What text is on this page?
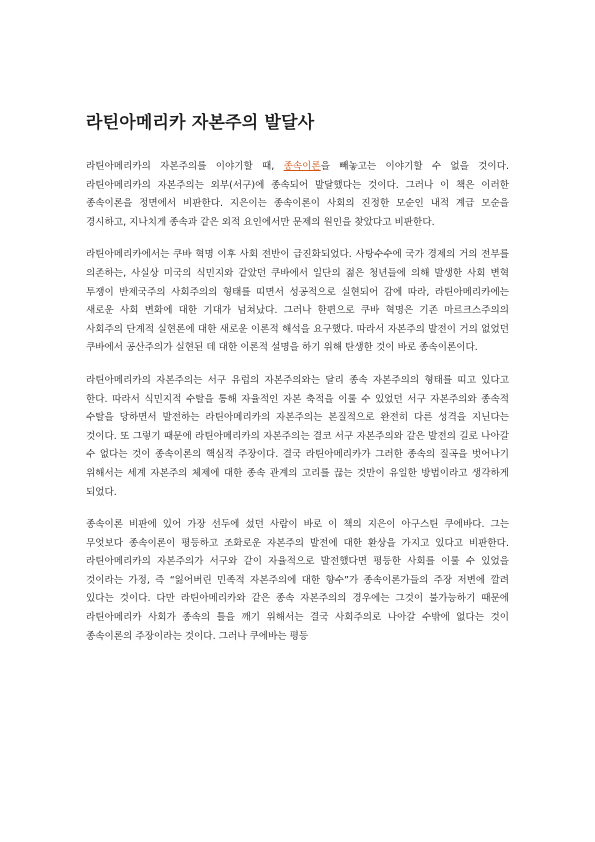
라틴아메리카 자본주의 발달사

라틴아메리카의 자본주의를 이야기할 때, 종속이론을 빼놓고는 이야기할 수 없을 것이다. 라틴아메리카의 자본주의는 외부(서구)에 종속되어 발달했다는 것이다. 그러나 이 책은 이러한 종속이론을 정면에서 비판한다. 지은이는 종속이론이 사회의 진정한 모순인 내적 계급 모순을 경시하고, 지나치게 종속과 같은 외적 요인에서만 문제의 원인을 찾았다고 비판한다.

라틴아메리카에서는 쿠바 혁명 이후 사회 전반이 급진화되었다. 사탕수수에 국가 경제의 거의 전부를 의존하는, 사실상 미국의 식민지와 같았던 쿠바에서 일단의 젊은 청년들에 의해 발생한 사회 변혁 투쟁이 반제국주의 사회주의의 형태를 띠면서 성공적으로 실현되어 감에 따라, 라틴아메리카에는 새로운 사회 변화에 대한 기대가 넘쳐났다. 그러나 한편으로 쿠바 혁명은 기존 마르크스주의의 사회주의 단계적 실현론에 대한 새로운 이론적 해석을 요구했다. 따라서 자본주의 발전이 거의 없었던 쿠바에서 공산주의가 실현된 데 대한 이론적 설명을 하기 위해 탄생한 것이 바로 종속이론이다.

라틴아메리카의 자본주의는 서구 유럽의 자본주의와는 달리 종속 자본주의의 형태를 띠고 있다고 한다. 따라서 식민지적 수탈을 통해 자율적인 자본 축적을 이룰 수 있었던 서구 자본주의와 종속적 수탈을 당하면서 발전하는 라틴아메리카의 자본주의는 본질적으로 완전히 다른 성격을 지닌다는 것이다. 또 그렇기 때문에 라틴아메리카의 자본주의는 결코 서구 자본주의와 같은 발전의 길로 나아갈 수 없다는 것이 종속이론의 핵심적 주장이다. 결국 라틴아메리카가 그러한 종속의 질곡을 벗어나기 위해서는 세계 자본주의 체제에 대한 종속 관계의 고리를 끊는 것만이 유일한 방법이라고 생각하게 되었다.

종속이론 비판에 있어 가장 선두에 섰던 사람이 바로 이 책의 지은이 아구스틴 쿠에바다. 그는 무엇보다 종속이론이 평등하고 조화로운 자본주의 발전에 대한 환상을 가지고 있다고 비판한다. 라틴아메리카의 자본주의가 서구와 같이 자율적으로 발전했다면 평등한 사회를 이룰 수 있었을 것이라는 가정, 즉 “잃어버린 민족적 자본주의에 대한 향수”가 종속이론가들의 주장 저변에 깔려 있다는 것이다. 다만 라틴아메리카와 같은 종속 자본주의의 경우에는 그것이 불가능하기 때문에 라틴아메리카 사회가 종속의 틀을 깨기 위해서는 결국 사회주의로 나아갈 수밖에 없다는 것이 종속이론의 주장이라는 것이다. 그러나 쿠에바는 평등
